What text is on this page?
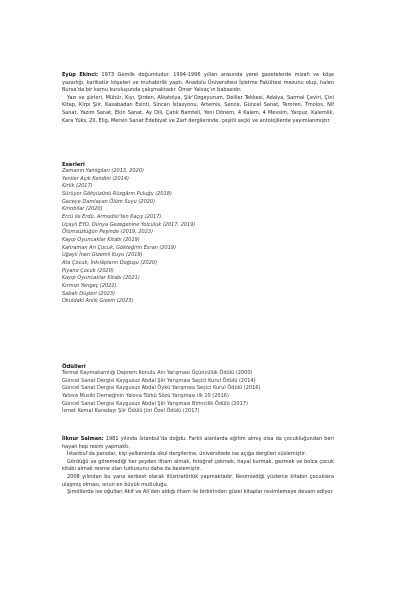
Eyüp Ekinci: 1973 Gemlik doğumludur. 1994-1996 yılları arasında yerel gazetelerde mizah ve köşe yazarlığı, karikatür köşeleri ve muhabirlik yaptı. Anadolu Üniversitesi İşletme Fakültesi mezunu olup, halen Bursa’da bir kamu kuruluşunda çalışmaktadır. Ömer Yalvaç’ın babasıdır.

Yazı ve şiirleri, Mühür, Kıyı, Şirden, Alkatolya, Şiir’Ozgeyurum, Deliler Tekkesi, Adalya, Sarmal Çeviri, Çini Kitap, Kirpi Şiir, Kasabadan Esinti, Sincan İstasyonu, Artemis, Sence, Güncel Sanat, Temren, Tmolos, Nif Sanat, Yazım Sanat, Ekin Sanat, Ay Dili, Çatık Bamteli, Yeni Dönem, 4 Kalem, 4 Mevsim, Yarpuz, Kalemlik, Kara Yüks, Zil, Elig, Mersin Sanat Edebiyat ve Zarf dergilerinde, çeşitli seçki ve antolojilerde yayımlanmıştır.

Eserleri

Zamanın Yanılgıları (2013, 2020)
Yeniler Açık Kendini (2014)
Kirlik (2017)
Sürüyor Gökyüzünü Rüzgârın Puluğu (2018)
Geceye Damlayan Ölüm Suyu (2020)
Kirinbilar (2020)
Ercü ile Erdü, Armodisi’ten Kaçış (2017)
Uçaylı EYO, Dünya Gezegenine Yolculuk (2017, 2019)
Ölümsüzlüğün Peşinde (2019, 2023)
Kayıp Oyuncaklar Kitabı (2019)
Kahraman Arı Çocuk, Gökteğirin Esran (2019)
Uğaylı İnen Gizemli Kuyu (2019)
Ata Çocuk, İnkılâpların Doğuşu (2020)
Piyano Çocuk (2020)
Kayıp Oyuncaklar Kitabı (2021)
Kırmızı Yengeç (2022)
Sabah Düşleri (2023)
Okuldaki Anlık Gizem (2023)

Ödülleri

Termal Kaymakamlığı Deprem Konulu Anı Yarışması Üçüncülük Ödülü (2000)
Güncel Sanat Dergisi Kaygusuz Abdal Şiir Yarışması Seçici Kurul Ödülü (2014)
Güncel Sanat Dergisi Kaygusuz Abdal Öykü Yarışması Seçici Kurul Ödülü (2016)
Yalova Musiki Derneğinin Yalova Türkü Sözü Yarışması ilk 10 (2016)
Güncel Sanat Dergisi Kaygusuz Abdal Şiir Yarışması Birincilik Ödülü (2017)
İsmet Kemal Karadayı Şiir Ödülü Jüri Özel Ödülü (2017)

İlknur Salman: 1981 yılında İstanbul’da doğdu. Farklı alanlarda eğitim almış olsa da çocukluğundan beri hayali hep resim yapmaktı.

İstanbul’da panolar, kişi yelkeninda okul dergilerine, üniversitede ise açığa dergileri süslemiştir.

Gördüğü ve göremediği her şeyden ilham almak, fotoğraf çekmek, hayal kurmak, gezmek ve bolca çocuk kitabı almak resme olan tutkusunu daha da beslemiştir.

2008 yılından bu yana serbest olarak illüstratörlük yapmaktadır. Resimlediği yüzlerce kitabın çocuklara ulaşmış olması, onun en büyük mutluluğu.

Şimdilerde ise oğulları Akif ve Ali’den aldığı ilham ile birbirinden güzel kitaplar resimlemeye devam ediyor.
